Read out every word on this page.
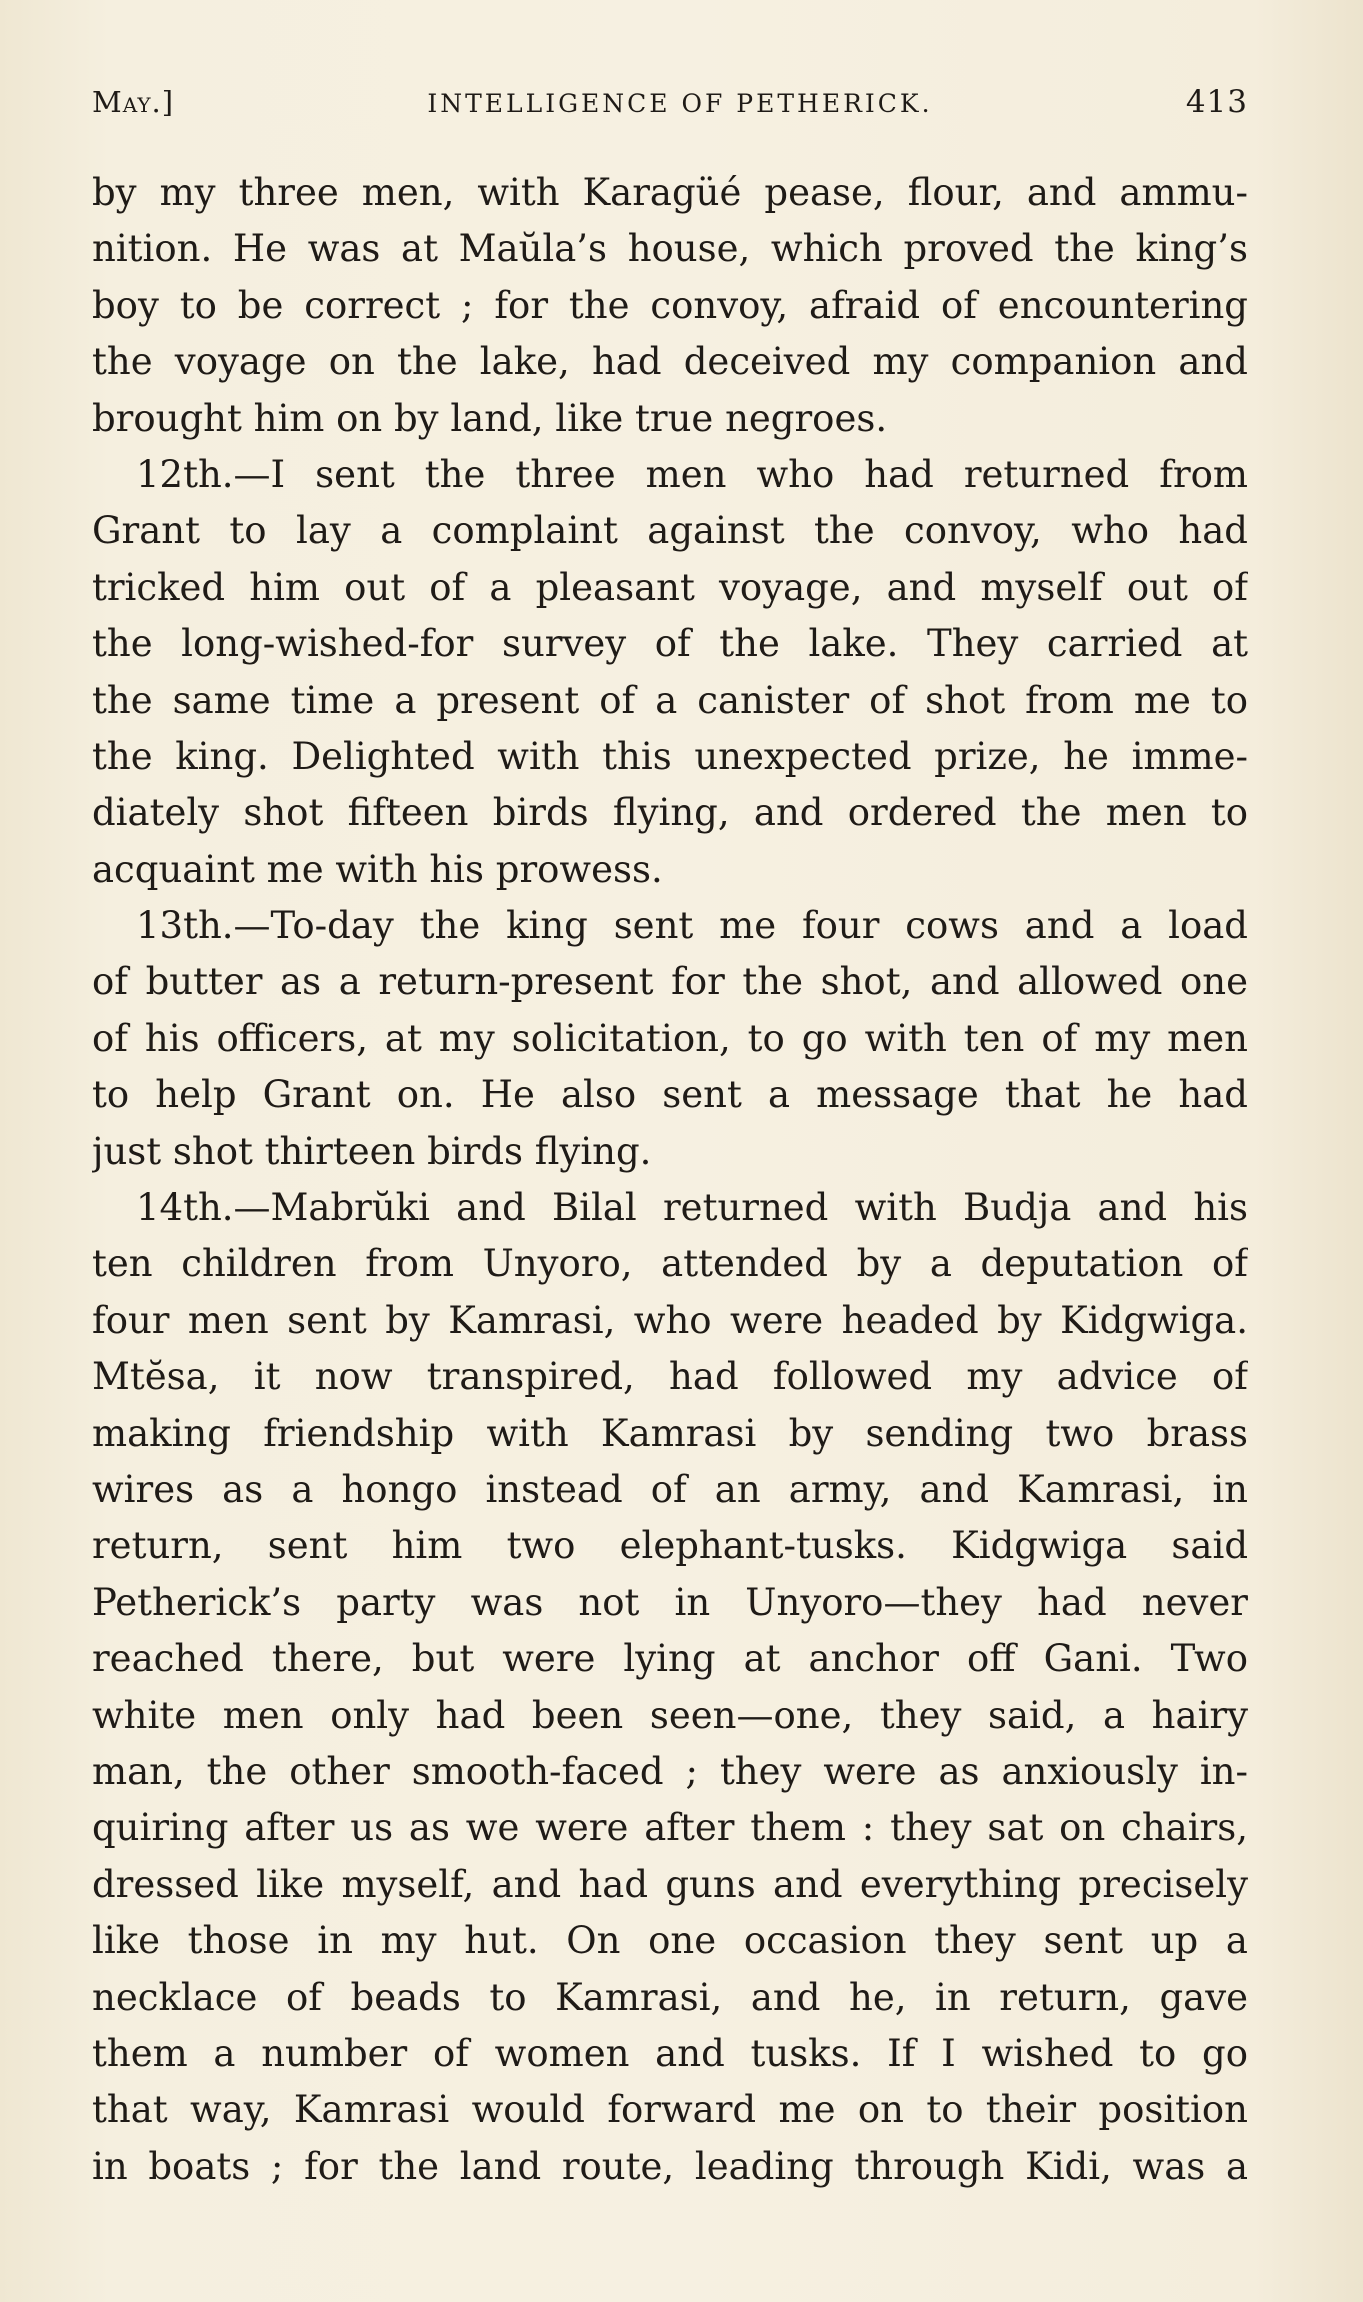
May.]	INTELLIGENCE OF PETHERICK.	413
by my three men, with Karagüé pease, flour, and ammu-
nition. He was at Maŭla’s house, which proved the king’s
boy to be correct ; for the convoy, afraid of encountering
the voyage on the lake, had deceived my companion and
brought him on by land, like true negroes.
12th.—I sent the three men who had returned from
Grant to lay a complaint against the convoy, who had
tricked him out of a pleasant voyage, and myself out of
the long-wished-for survey of the lake. They carried at
the same time a present of a canister of shot from me to
the king. Delighted with this unexpected prize, he imme-
diately shot fifteen birds flying, and ordered the men to
acquaint me with his prowess.
13th.—To-day the king sent me four cows and a load
of butter as a return-present for the shot, and allowed one
of his officers, at my solicitation, to go with ten of my men
to help Grant on. He also sent a message that he had
just shot thirteen birds flying.
14th.—Mabrŭki and Bilal returned with Budja and his
ten children from Unyoro, attended by a deputation of
four men sent by Kamrasi, who were headed by Kidgwiga.
Mtĕsa, it now transpired, had followed my advice of
making friendship with Kamrasi by sending two brass
wires as a hongo instead of an army, and Kamrasi, in
return, sent him two elephant-tusks. Kidgwiga said
Petherick’s party was not in Unyoro—they had never
reached there, but were lying at anchor off Gani. Two
white men only had been seen—one, they said, a hairy
man, the other smooth-faced ; they were as anxiously in-
quiring after us as we were after them : they sat on chairs,
dressed like myself, and had guns and everything precisely
like those in my hut. On one occasion they sent up a
necklace of beads to Kamrasi, and he, in return, gave
them a number of women and tusks. If I wished to go
that way, Kamrasi would forward me on to their position
in boats ; for the land route, leading through Kidi, was a
